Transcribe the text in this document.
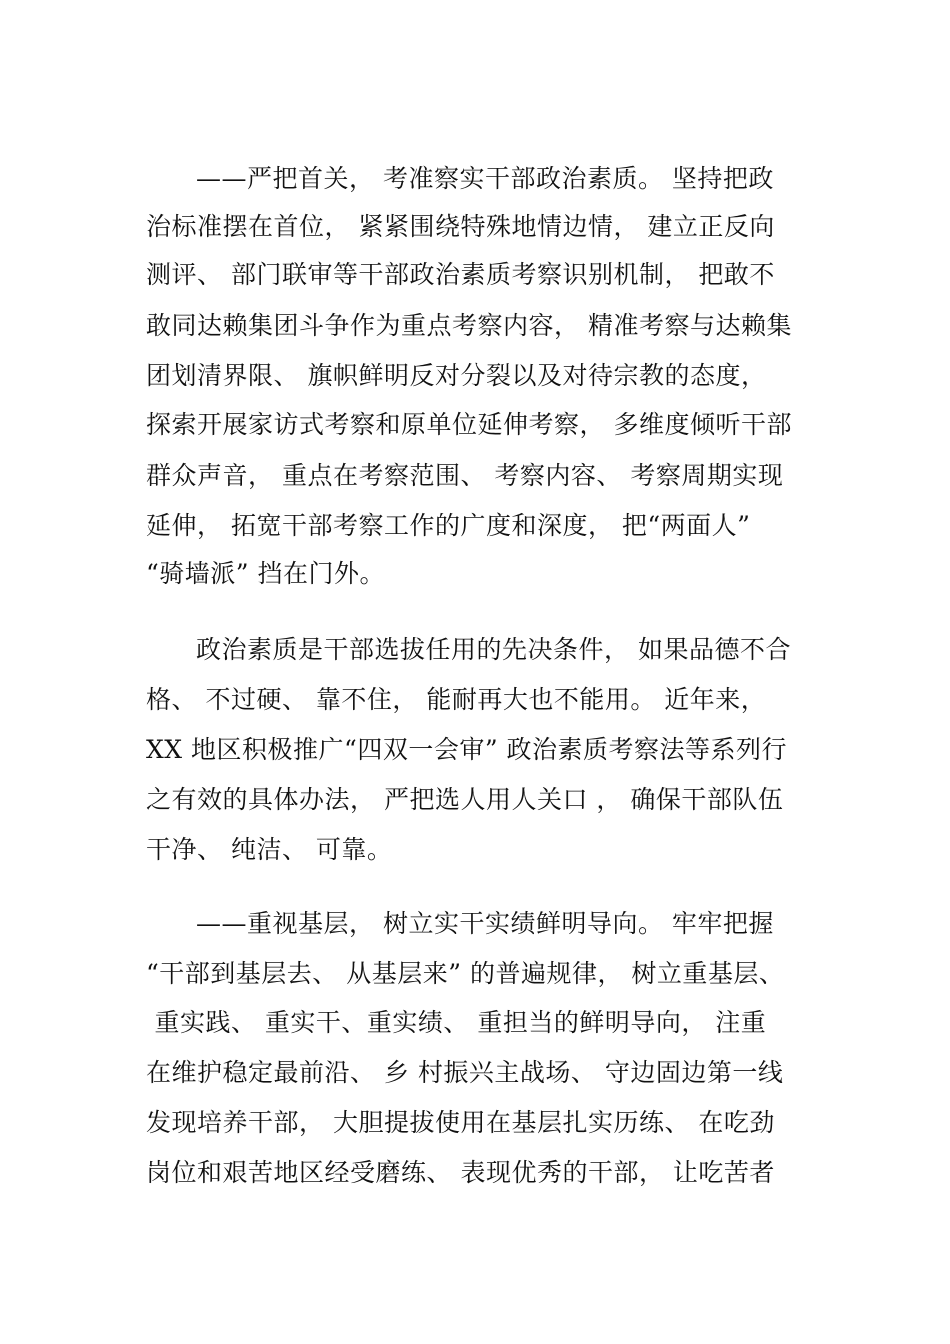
——严把首关， 考准察实干部政治素质。 坚持把政
治标准摆在首位， 紧紧围绕特殊地情边情， 建立正反向
测评、 部门联审等干部政治素质考察识别机制， 把敢不
敢同达赖集团斗争作为重点考察内容， 精准考察与达赖集
团划清界限、 旗帜鲜明反对分裂以及对待宗教的态度，
探索开展家访式考察和原单位延伸考察， 多维度倾听干部
群众声音， 重点在考察范围、 考察内容、 考察周期实现
延伸， 拓宽干部考察工作的广度和深度， 把“两面人”
“骑墙派” 挡在门外。
政治素质是干部选拔任用的先决条件， 如果品德不合
格、 不过硬、 靠不住， 能耐再大也不能用。 近年来，
XX 地区积极推广“四双一会审” 政治素质考察法等系列行
之有效的具体办法， 严把选人用人关口 ， 确保干部队伍
干净、 纯洁、 可靠。
——重视基层， 树立实干实绩鲜明导向。 牢牢把握
“干部到基层去、 从基层来” 的普遍规律， 树立重基层、
重实践、 重实干、重实绩、 重担当的鲜明导向， 注重
在维护稳定最前沿、 乡 村振兴主战场、 守边固边第一线
发现培养干部， 大胆提拔使用在基层扎实历练、 在吃劲
岗位和艰苦地区经受磨练、 表现优秀的干部， 让吃苦者
